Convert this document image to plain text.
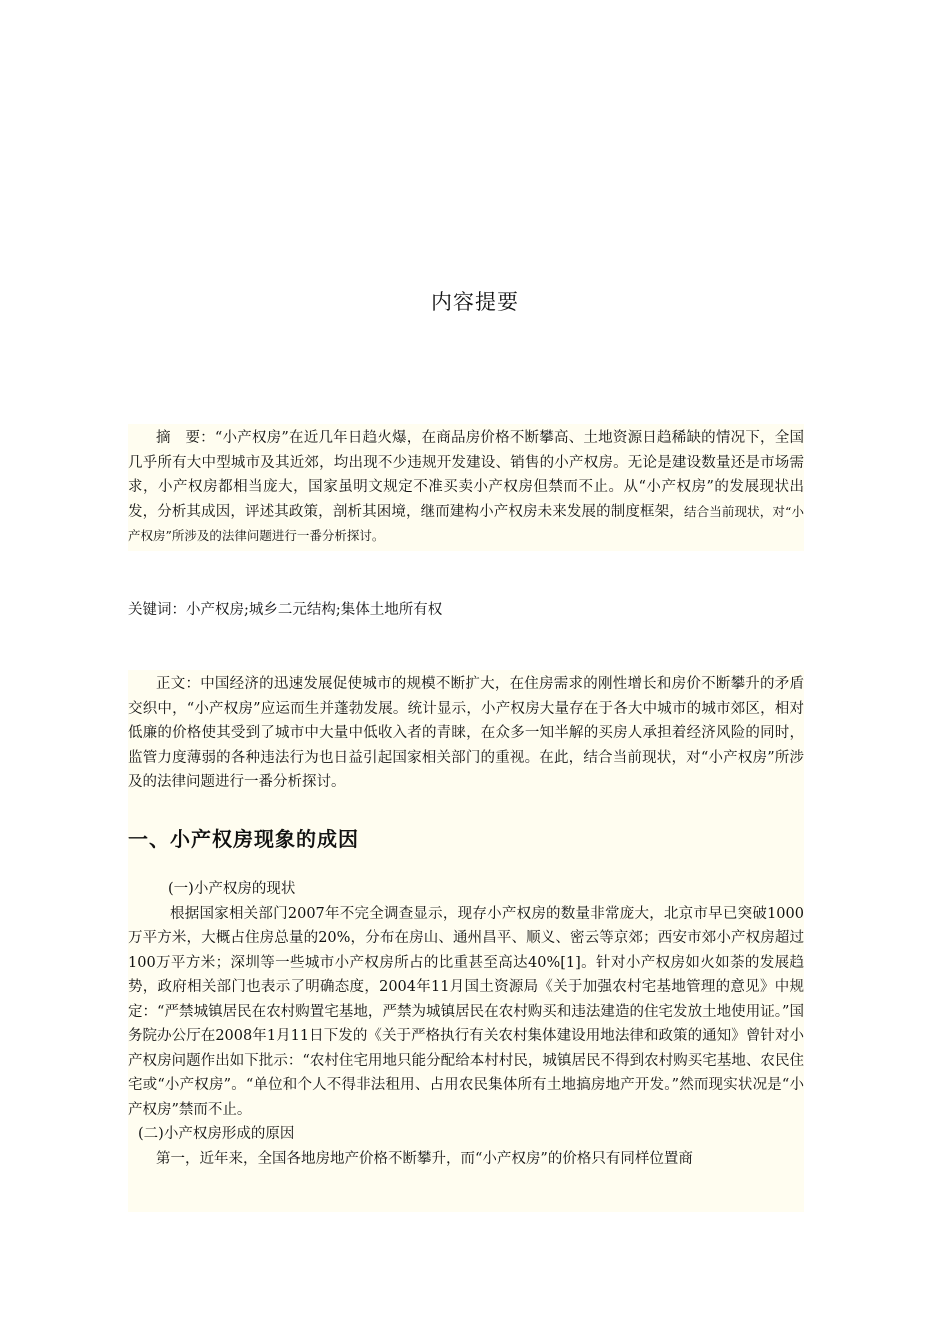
内容提要

摘　要：“小产权房”在近几年日趋火爆，在商品房价格不断攀高、土地资源日趋稀缺的情况下，全国几乎所有大中型城市及其近郊，均出现不少违规开发建设、销售的小产权房。无论是建设数量还是市场需求，小产权房都相当庞大，国家虽明文规定不准买卖小产权房但禁而不止。从“小产权房”的发展现状出发，分析其成因，评述其政策，剖析其困境，继而建构小产权房未来发展的制度框架，结合当前现状，对“小产权房”所涉及的法律问题进行一番分析探讨。

关键词：小产权房;城乡二元结构;集体土地所有权

正文：中国经济的迅速发展促使城市的规模不断扩大，在住房需求的刚性增长和房价不断攀升的矛盾交织中，“小产权房”应运而生并蓬勃发展。统计显示，小产权房大量存在于各大中城市的城市郊区，相对低廉的价格使其受到了城市中大量中低收入者的青睐，在众多一知半解的买房人承担着经济风险的同时，监管力度薄弱的各种违法行为也日益引起国家相关部门的重视。在此，结合当前现状，对“小产权房”所涉及的法律问题进行一番分析探讨。

一、小产权房现象的成因

(一)小产权房的现状

根据国家相关部门2007年不完全调查显示，现存小产权房的数量非常庞大，北京市早已突破1000万平方米，大概占住房总量的20%，分布在房山、通州昌平、顺义、密云等京郊；西安市郊小产权房超过100万平方米；深圳等一些城市小产权房所占的比重甚至高达40%[1]。针对小产权房如火如荼的发展趋势，政府相关部门也表示了明确态度，2004年11月国土资源局《关于加强农村宅基地管理的意见》中规定：“严禁城镇居民在农村购置宅基地，严禁为城镇居民在农村购买和违法建造的住宅发放土地使用证。”国务院办公厅在2008年1月11日下发的《关于严格执行有关农村集体建设用地法律和政策的通知》曾针对小产权房问题作出如下批示：“农村住宅用地只能分配给本村村民，城镇居民不得到农村购买宅基地、农民住宅或“小产权房”。“单位和个人不得非法租用、占用农民集体所有土地搞房地产开发。”然而现实状况是“小产权房”禁而不止。

(二)小产权房形成的原因

第一，近年来，全国各地房地产价格不断攀升，而“小产权房”的价格只有同样位置商
